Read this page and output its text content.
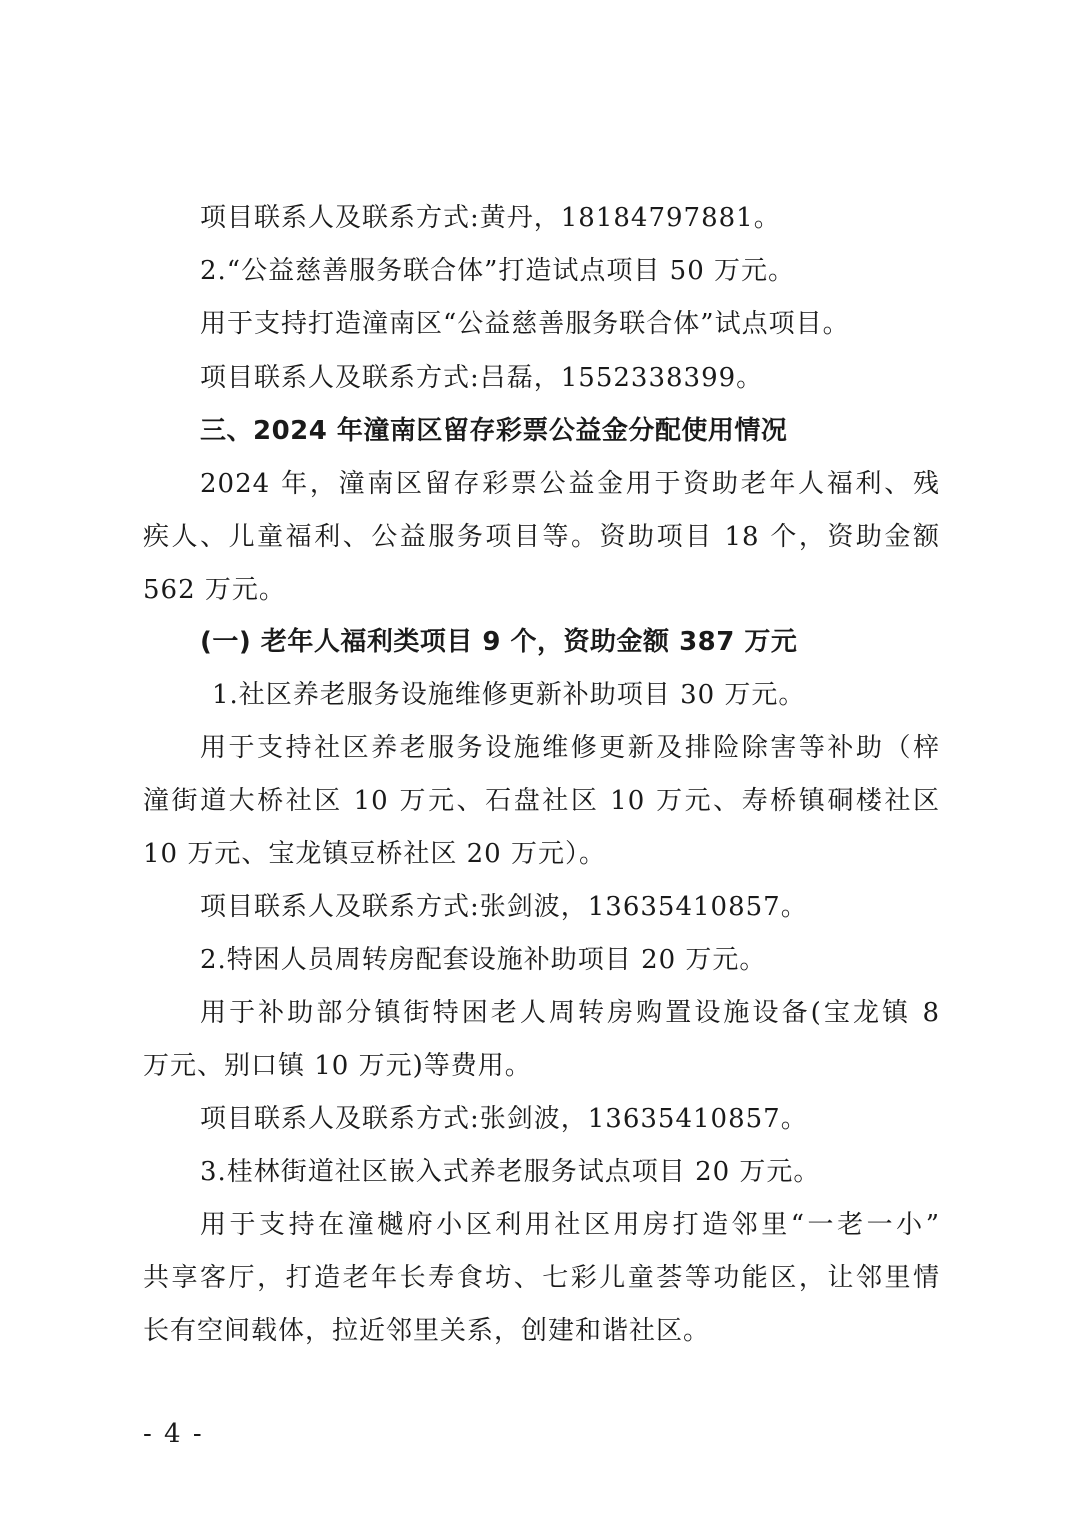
项目联系人及联系方式:黄丹，18184797881。
2.“公益慈善服务联合体”打造试点项目 50 万元。
用于支持打造潼南区“公益慈善服务联合体”试点项目。
项目联系人及联系方式:吕磊，1552338399。
三、2024 年潼南区留存彩票公益金分配使用情况
2024 年，潼南区留存彩票公益金用于资助老年人福利、残
疾人、儿童福利、公益服务项目等。资助项目 18 个，资助金额
562 万元。
(一) 老年人福利类项目 9 个，资助金额 387 万元
1.社区养老服务设施维修更新补助项目 30 万元。
用于支持社区养老服务设施维修更新及排险除害等补助（梓
潼街道大桥社区 10 万元、石盘社区 10 万元、寿桥镇硐楼社区
10 万元、宝龙镇豆桥社区 20 万元）。
项目联系人及联系方式:张剑波，13635410857。
2.特困人员周转房配套设施补助项目 20 万元。
用于补助部分镇街特困老人周转房购置设施设备(宝龙镇 8
万元、别口镇 10 万元)等费用。
项目联系人及联系方式:张剑波，13635410857。
3.桂林街道社区嵌入式养老服务试点项目 20 万元。
用于支持在潼樾府小区利用社区用房打造邻里“一老一小”
共享客厅，打造老年长寿食坊、七彩儿童荟等功能区，让邻里情
长有空间载体，拉近邻里关系，创建和谐社区。
- 4 -
